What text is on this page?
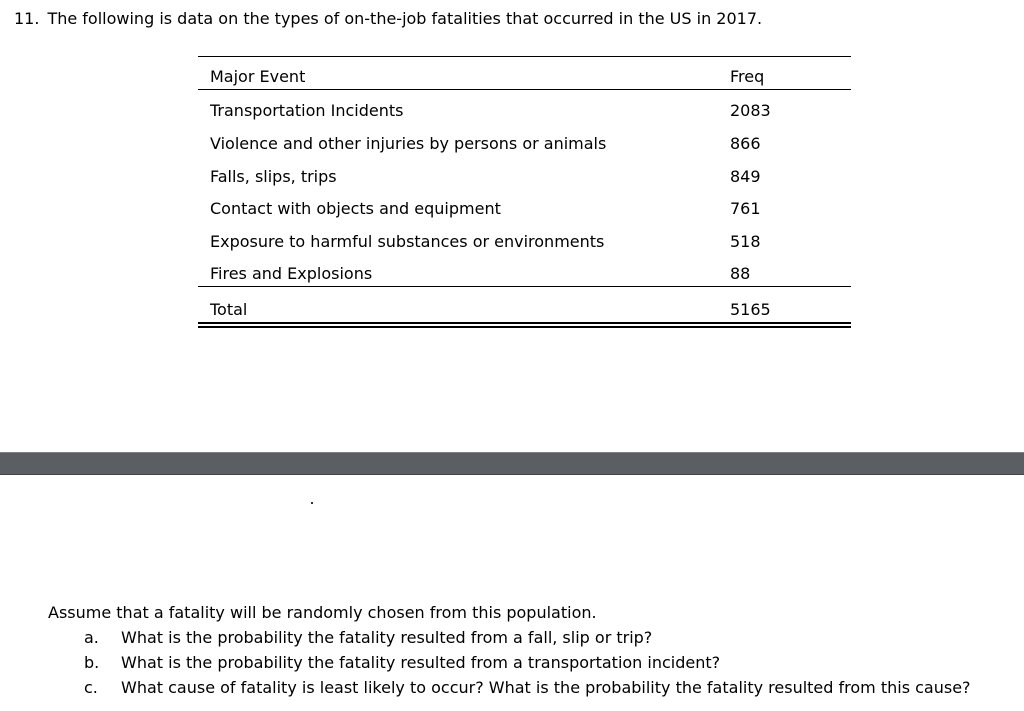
11. The following is data on the types of on-the-job fatalities that occurred in the US in 2017.
Major Event	Freq
Transportation Incidents	2083
Violence and other injuries by persons or animals	866
Falls, slips, trips	849
Contact with objects and equipment	761
Exposure to harmful substances or environments	518
Fires and Explosions	88
Total	5165
Assume that a fatality will be randomly chosen from this population.
a. What is the probability the fatality resulted from a fall, slip or trip?
b. What is the probability the fatality resulted from a transportation incident?
c. What cause of fatality is least likely to occur? What is the probability the fatality resulted from this cause?
